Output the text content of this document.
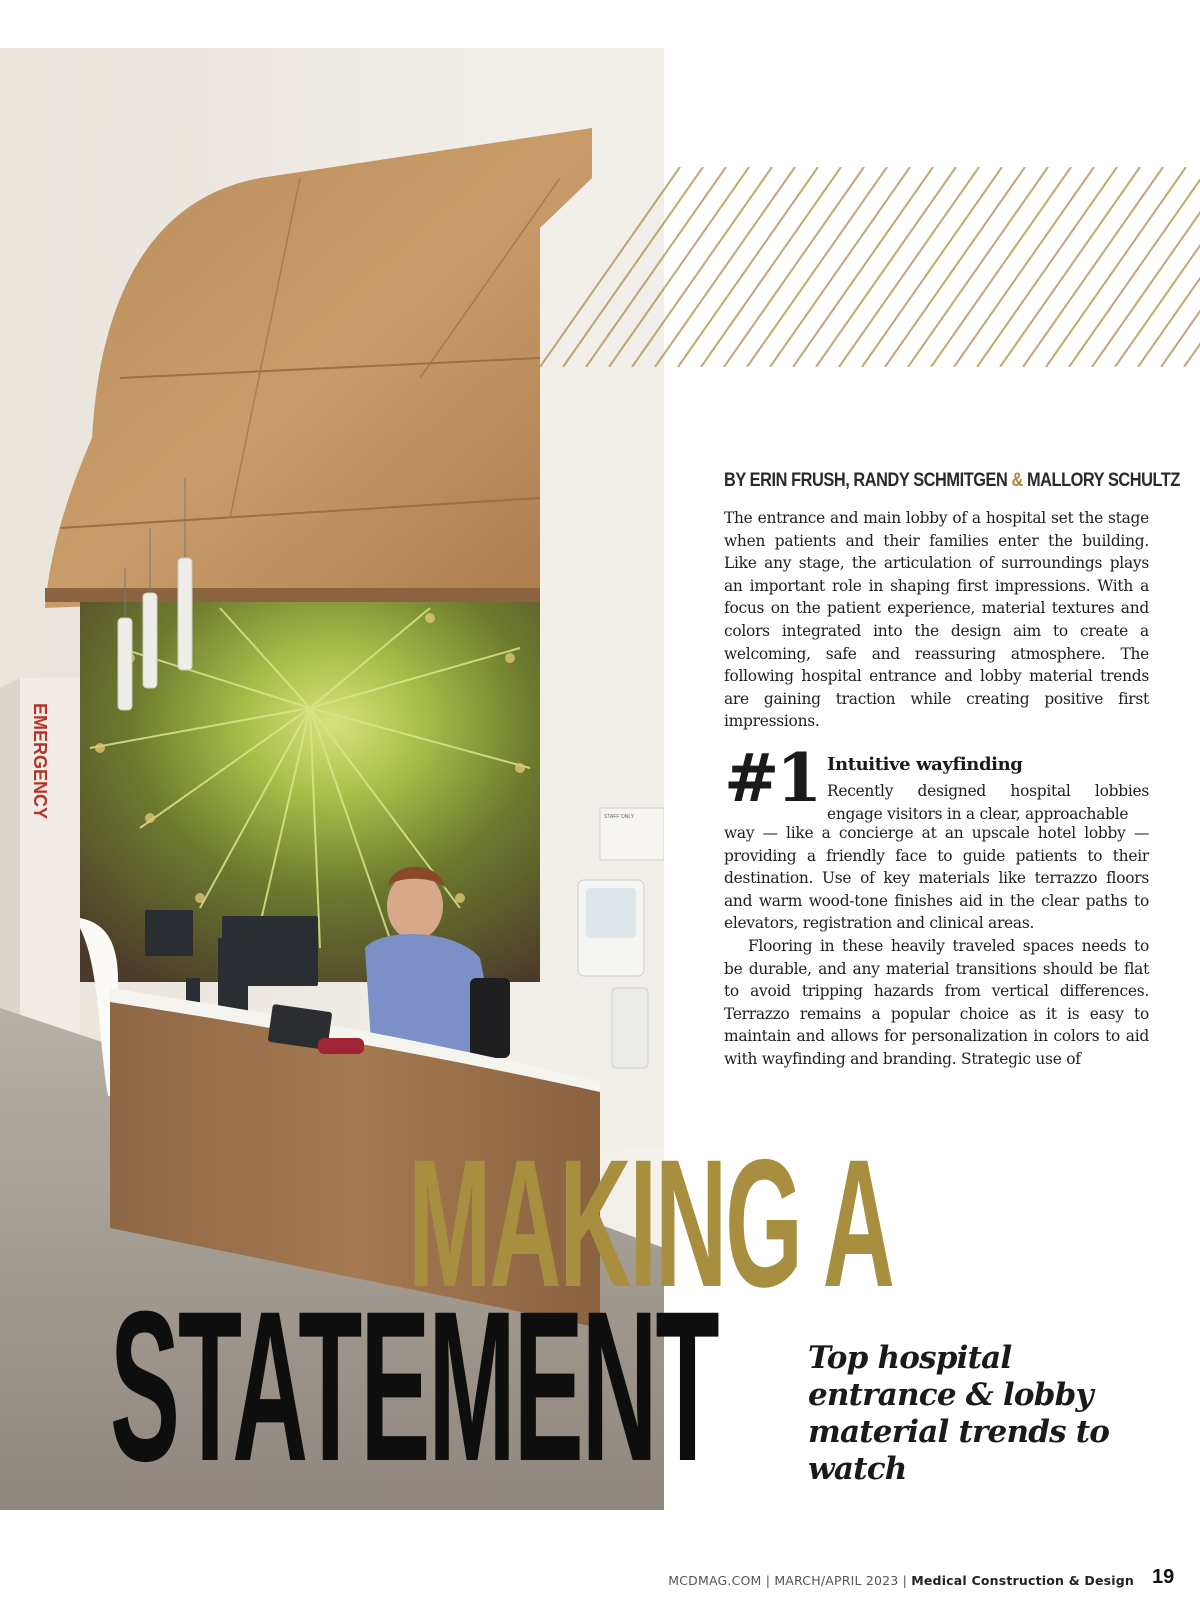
EMERGENCY	STAFF ONLY
BY ERIN FRUSH, RANDY SCHMITGEN & MALLORY SCHULTZ

The entrance and main lobby of a hospital set the stage when patients and their families enter the building. Like any stage, the articulation of surroundings plays an important role in shaping first impressions. With a focus on the patient experience, material textures and colors integrated into the design aim to create a welcoming, safe and reassuring atmosphere. The following hospital entrance and lobby material trends are gaining traction while creating positive first impressions.

#1 Intuitive wayfinding
Recently designed hospital lobbies engage visitors in a clear, approachable

way — like a concierge at an upscale hotel lobby — providing a friendly face to guide patients to their destination. Use of key materials like terrazzo floors and warm wood-tone finishes aid in the clear paths to elevators, registration and clinical areas.

Flooring in these heavily traveled spaces needs to be durable, and any material transitions should be flat to avoid tripping hazards from vertical differences. Terrazzo remains a popular choice as it is easy to maintain and allows for personalization in colors to aid with wayfinding and branding. Strategic use of

MAKING A
STATEMENT	Top hospital entrance & lobby material trends to watch
MCDMAG.COM | MARCH/APRIL 2023 | Medical Construction & Design 19
